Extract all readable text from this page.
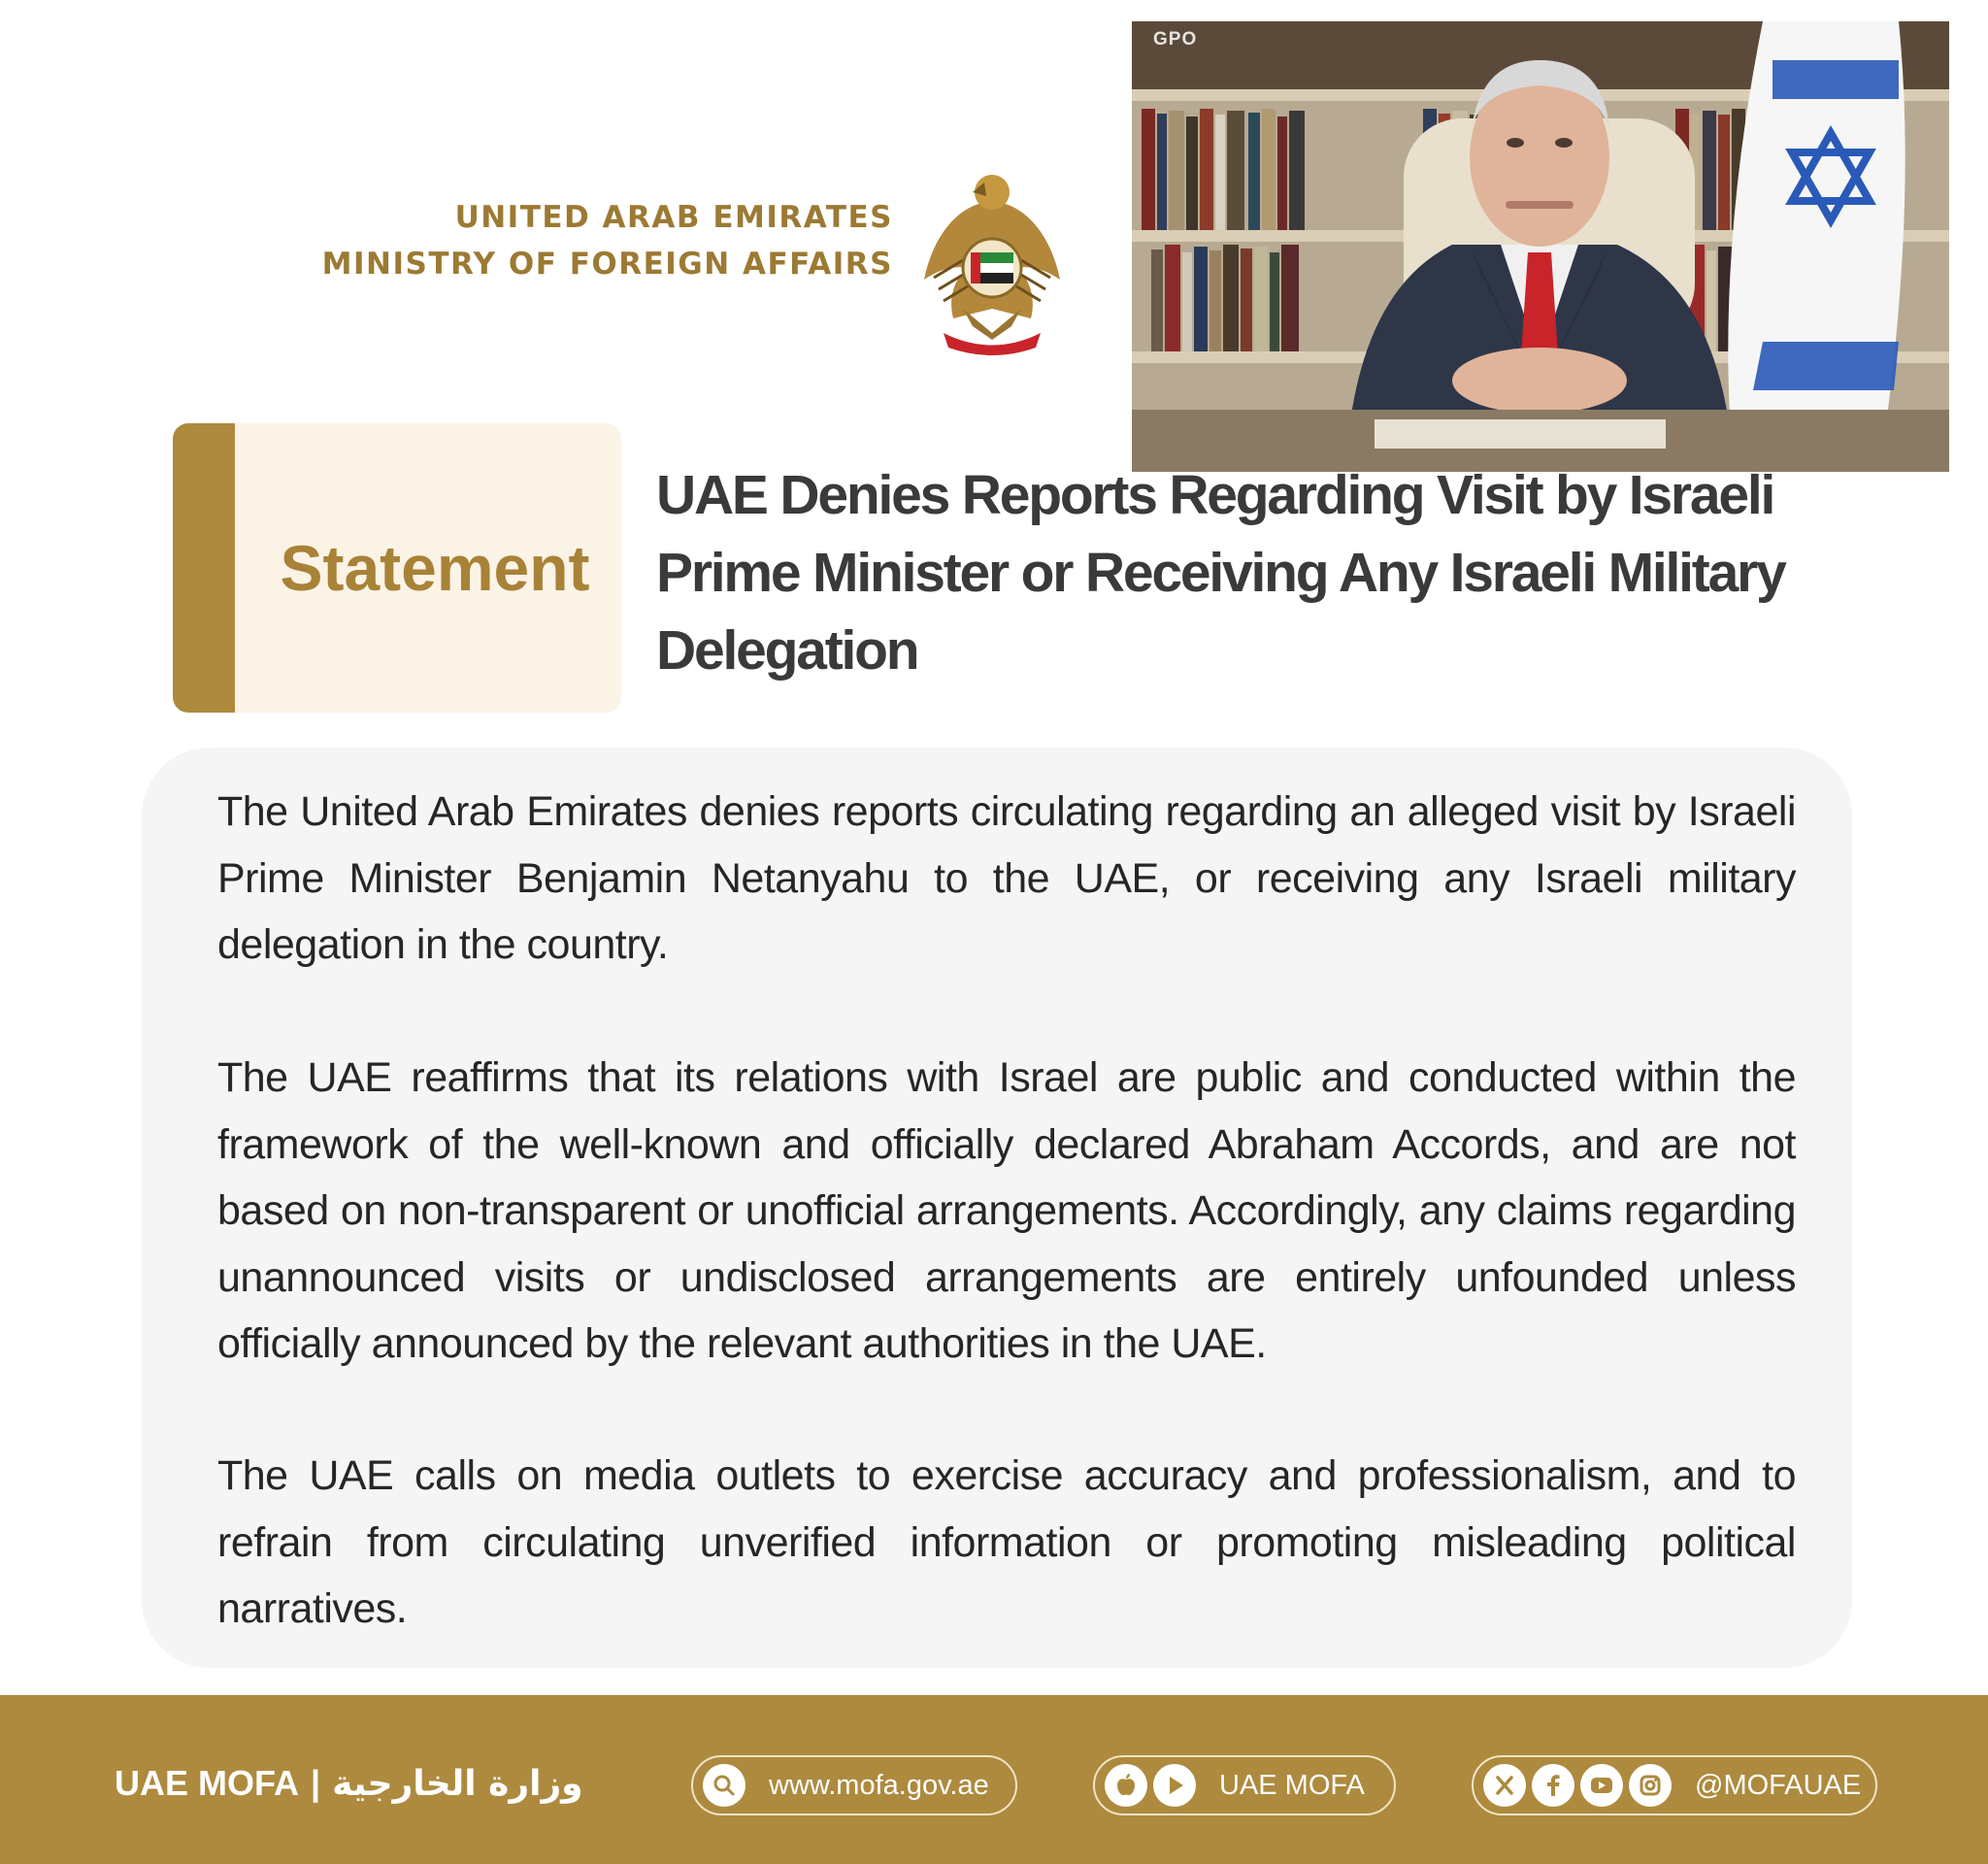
UNITED ARAB EMIRATES
MINISTRY OF FOREIGN AFFAIRS
GPO
Statement
UAE Denies Reports Regarding Visit by Israeli Prime Minister or Receiving Any Israeli Military Delegation
The United Arab Emirates denies reports circulating regarding an alleged visit by Israeli Prime Minister Benjamin Netanyahu to the UAE, or receiving any Israeli military delegation in the country.
The UAE reaffirms that its relations with Israel are public and conducted within the framework of the well-known and officially declared Abraham Accords, and are not based on non-transparent or unofficial arrangements. Accordingly, any claims regarding unannounced visits or undisclosed arrangements are entirely unfounded unless officially announced by the relevant authorities in the UAE.
The UAE calls on media outlets to exercise accuracy and professionalism, and to refrain from circulating unverified information or promoting misleading political narratives.
UAE MOFA | وزارة الخارجية	www.mofa.gov.ae	UAE MOFA	@MOFAUAE
